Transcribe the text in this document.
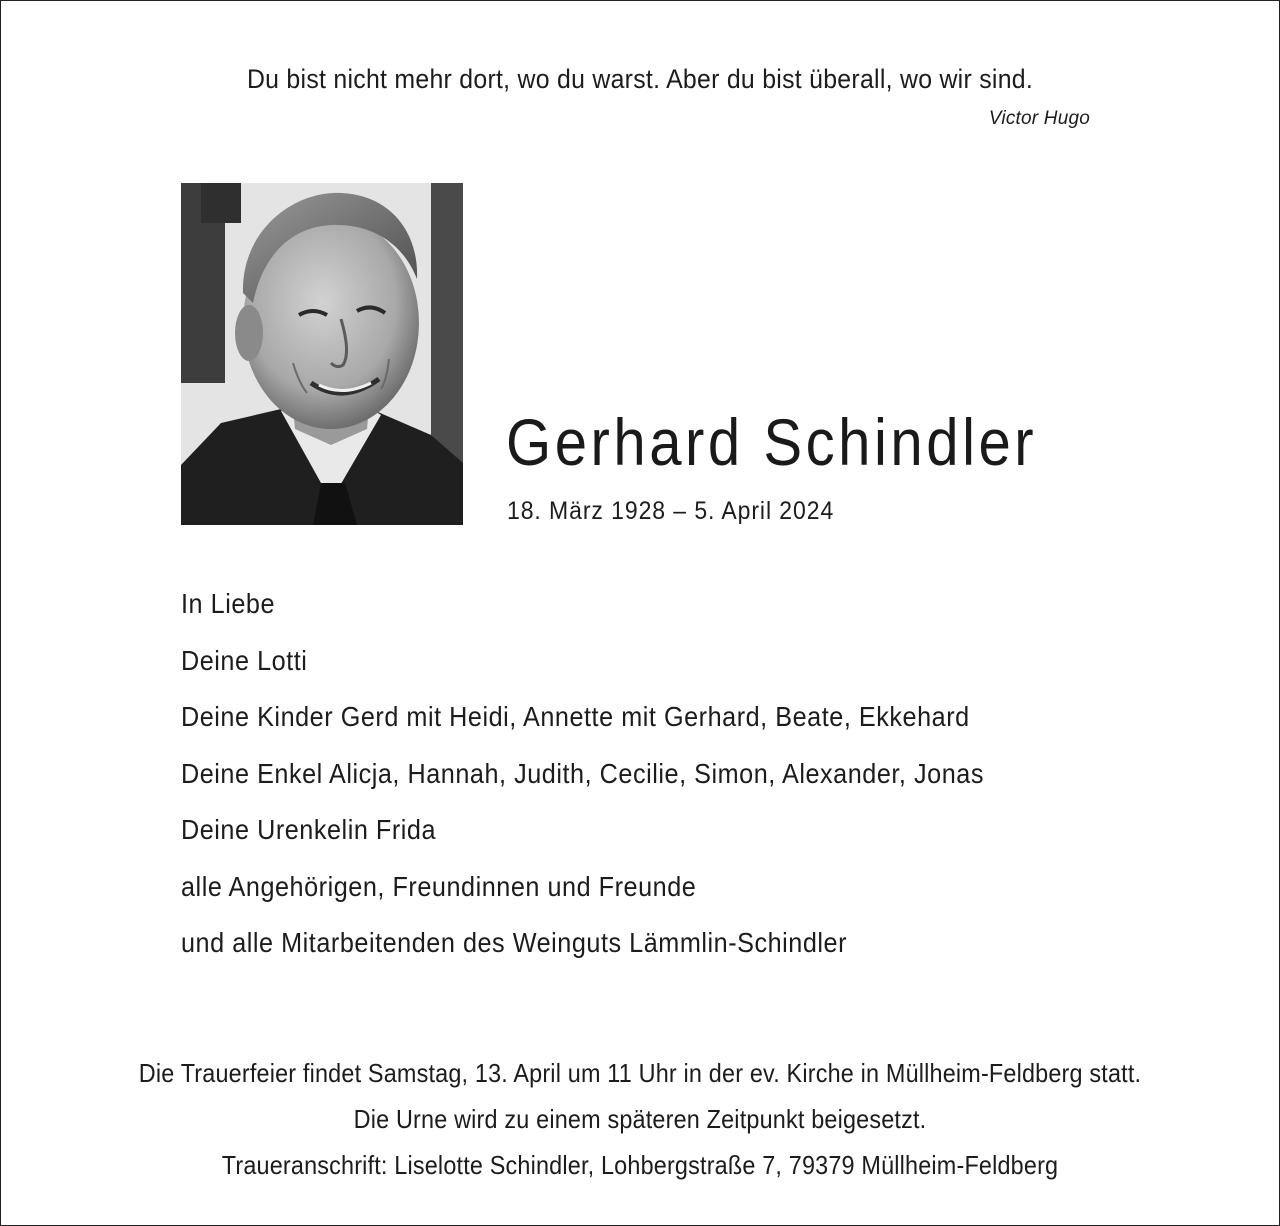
Du bist nicht mehr dort, wo du warst. Aber du bist überall, wo wir sind.
Victor Hugo
Gerhard Schindler
18. März 1928 – 5. April 2024
In Liebe
Deine Lotti
Deine Kinder Gerd mit Heidi, Annette mit Gerhard, Beate, Ekkehard
Deine Enkel Alicja, Hannah, Judith, Cecilie, Simon, Alexander, Jonas
Deine Urenkelin Frida
alle Angehörigen, Freundinnen und Freunde
und alle Mitarbeitenden des Weinguts Lämmlin-Schindler
Die Trauerfeier findet Samstag, 13. April um 11 Uhr in der ev. Kirche in Müllheim-Feldberg statt.
Die Urne wird zu einem späteren Zeitpunkt beigesetzt.
Traueranschrift: Liselotte Schindler, Lohbergstraße 7, 79379 Müllheim-Feldberg
